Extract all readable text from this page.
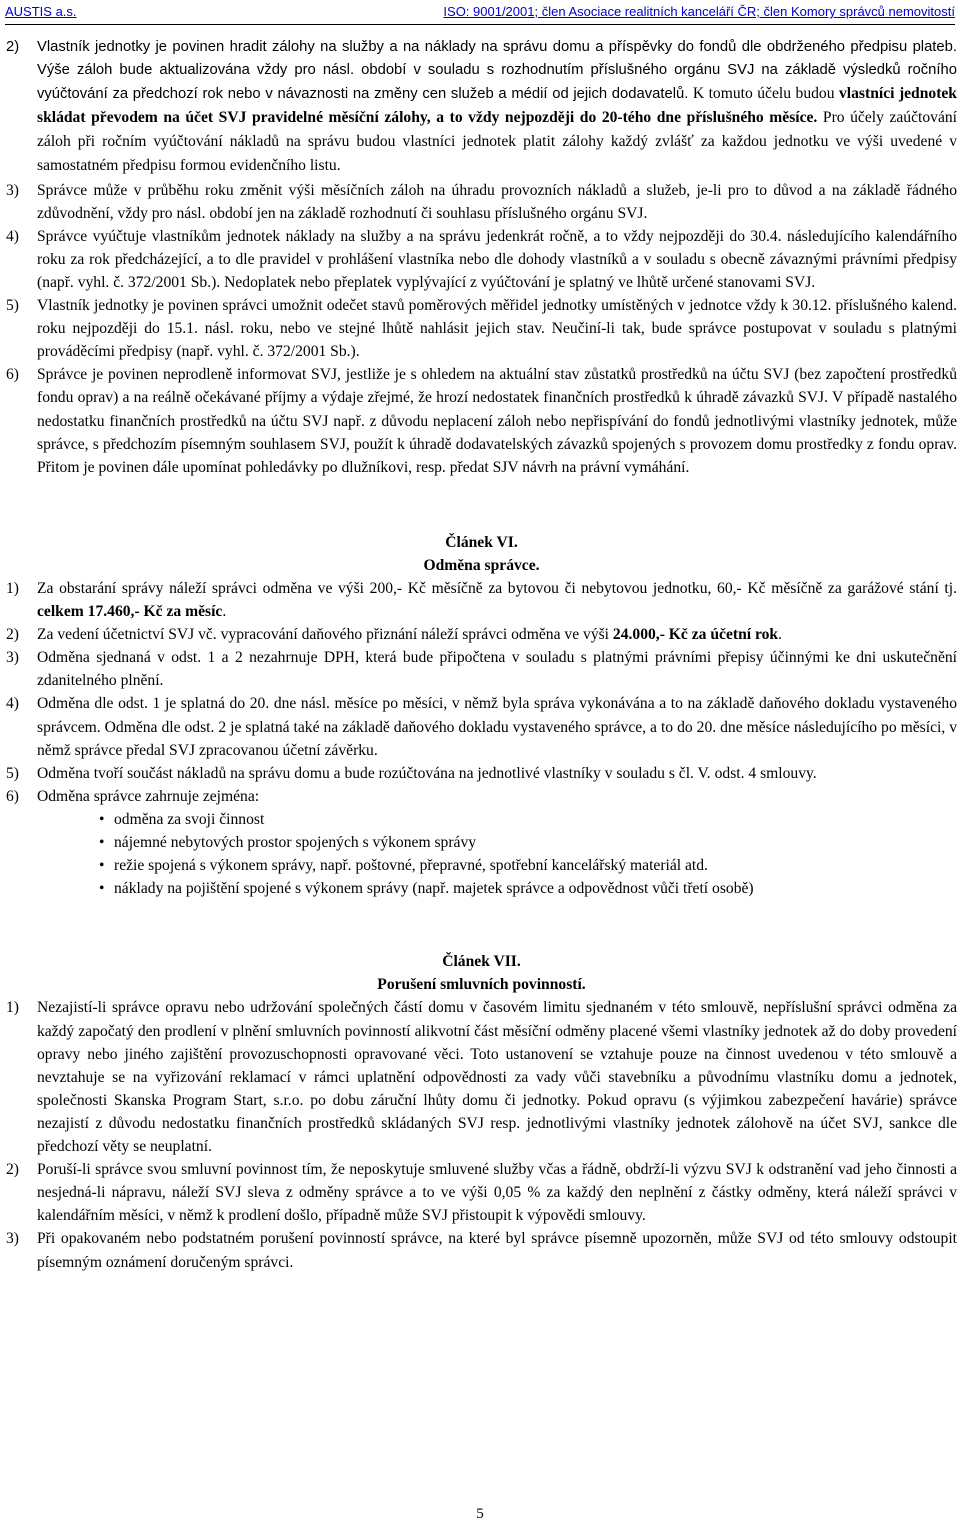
AUSTIS a.s.	ISO: 9001/2001; člen Asociace realitních kanceláří ČR; člen Komory správců nemovitostí
2) Vlastník jednotky je povinen hradit zálohy na služby a na náklady na správu domu a příspěvky do fondů dle obdrženého předpisu plateb. Výše záloh bude aktualizována vždy pro násl. období v souladu s rozhodnutím příslušného orgánu SVJ na základě výsledků ročního vyúčtování za předchozí rok nebo v návaznosti na změny cen služeb a médií od jejich dodavatelů. K tomuto účelu budou vlastníci jednotek skládat převodem na účet SVJ pravidelné měsíční zálohy, a to vždy nejpozději do 20-tého dne příslušného měsíce. Pro účely zaúčtování záloh při ročním vyúčtování nákladů na správu budou vlastníci jednotek platit zálohy každý zvlášť za každou jednotku ve výši uvedené v samostatném předpisu formou evidenčního listu.
3) Správce může v průběhu roku změnit výši měsíčních záloh na úhradu provozních nákladů a služeb, je-li pro to důvod a na základě řádného zdůvodnění, vždy pro násl. období jen na základě rozhodnutí či souhlasu příslušného orgánu SVJ.
4) Správce vyúčtuje vlastníkům jednotek náklady na služby a na správu jedenkrát ročně, a to vždy nejpozději do 30.4. následujícího kalendářního roku za rok předcházející, a to dle pravidel v prohlášení vlastníka nebo dle dohody vlastníků a v souladu s obecně závaznými právními předpisy (např. vyhl. č. 372/2001 Sb.). Nedoplatek nebo přeplatek vyplývající z vyúčtování je splatný ve lhůtě určené stanovami SVJ.
5) Vlastník jednotky je povinen správci umožnit odečet stavů poměrových měřidel jednotky umístěných v jednotce vždy k 30.12. příslušného kalend. roku nejpozději do 15.1. násl. roku, nebo ve stejné lhůtě nahlásit jejich stav. Neučiní-li tak, bude správce postupovat v souladu s platnými prováděcími předpisy (např. vyhl. č. 372/2001 Sb.).
6) Správce je povinen neprodleně informovat SVJ, jestliže je s ohledem na aktuální stav zůstatků prostředků na účtu SVJ (bez započtení prostředků fondu oprav) a na reálně očekávané příjmy a výdaje zřejmé, že hrozí nedostatek finančních prostředků k úhradě závazků SVJ. V případě nastalého nedostatku finančních prostředků na účtu SVJ např. z důvodu neplacení záloh nebo nepřispívání do fondů jednotlivými vlastníky jednotek, může správce, s předchozím písemným souhlasem SVJ, použít k úhradě dodavatelských závazků spojených s provozem domu prostředky z fondu oprav. Přitom je povinen dále upomínat pohledávky po dlužníkovi, resp. předat SJV návrh na právní vymáhání.
Článek VI.
Odměna správce.
1) Za obstarání správy náleží správci odměna ve výši 200,- Kč měsíčně za bytovou či nebytovou jednotku, 60,- Kč měsíčně za garážové stání tj. celkem 17.460,- Kč za měsíc.
2) Za vedení účetnictví SVJ vč. vypracování daňového přiznání náleží správci odměna ve výši 24.000,- Kč za účetní rok.
3) Odměna sjednaná v odst. 1 a 2 nezahrnuje DPH, která bude připočtena v souladu s platnými právními přepisy účinnými ke dni uskutečnění zdanitelného plnění.
4) Odměna dle odst. 1 je splatná do 20. dne násl. měsíce po měsíci, v němž byla správa vykonávána a to na základě daňového dokladu vystaveného správcem. Odměna dle odst. 2 je splatná také na základě daňového dokladu vystaveného správce, a to do 20. dne měsíce následujícího po měsíci, v němž správce předal SVJ zpracovanou účetní závěrku.
5) Odměna tvoří součást nákladů na správu domu a bude rozúčtována na jednotlivé vlastníky v souladu s čl. V. odst. 4 smlouvy.
6) Odměna správce zahrnuje zejména:
• odměna za svoji činnost
• nájemné nebytových prostor spojených s výkonem správy
• režie spojená s výkonem správy, např. poštovné, přepravné, spotřební kancelářský materiál atd.
• náklady na pojištění spojené s výkonem správy (např. majetek správce a odpovědnost vůči třetí osobě)
Článek VII.
Porušení smluvních povinností.
1) Nezajistí-li správce opravu nebo udržování společných částí domu v časovém limitu sjednaném v této smlouvě, nepříslušní správci odměna za každý započatý den prodlení v plnění smluvních povinností alikvotní část měsíční odměny placené všemi vlastníky jednotek až do doby provedení opravy nebo jiného zajištění provozuschopnosti opravované věci. Toto ustanovení se vztahuje pouze na činnost uvedenou v této smlouvě a nevztahuje se na vyřizování reklamací v rámci uplatnění odpovědnosti za vady vůči stavebníku a původnímu vlastníku domu a jednotek, společnosti Skanska Program Start, s.r.o. po dobu záruční lhůty domu či jednotky. Pokud opravu (s výjimkou zabezpečení havárie) správce nezajistí z důvodu nedostatku finančních prostředků skládaných SVJ resp. jednotlivými vlastníky jednotek zálohově na účet SVJ, sankce dle předchozí věty se neuplatní.
2) Poruší-li správce svou smluvní povinnost tím, že neposkytuje smluvené služby včas a řádně, obdrží-li výzvu SVJ k odstranění vad jeho činnosti a nesjedná-li nápravu, náleží SVJ sleva z odměny správce a to ve výši 0,05 % za každý den neplnění z částky odměny, která náleží správci v kalendářním měsíci, v němž k prodlení došlo, případně může SVJ přistoupit k výpovědi smlouvy.
3) Při opakovaném nebo podstatném porušení povinností správce, na které byl správce písemně upozorněn, může SVJ od této smlouvy odstoupit písemným oznámení doručeným správci.
5
